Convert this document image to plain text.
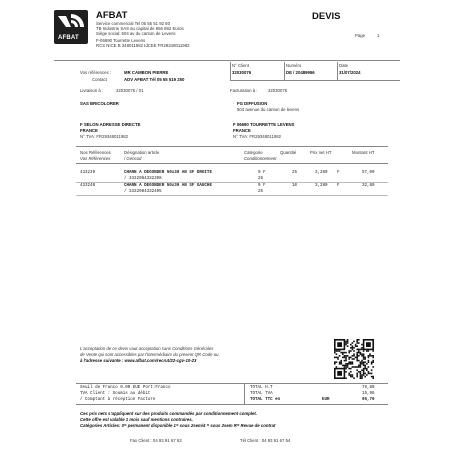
AFBAT
AFBAT
Service commercial Tel 05 55 51 92 50
TB Industrie SAS au capital de 656 892 Euros
Siège social: 504 av du canton de Levens
F-06690 Tourrette Levens
RCS NICE B 348011982 IdCEE FR29348011982
DEVIS
Page	1
Vos références :
Contact
MR CAMBON PIERRE
ADV AFBAT Tél 05 55 519 250
N° Client
32030076
Numéro
DE / 20489956
Date
31/07/2024
Livraison à :	32030076 / 01	Facturation à : 32030076
SAS BRICOLORER	FG DIFFUSION
.
504 avenue du canton de levens
F SELON ADRESSE DIRECTE
FRANCE
N° TVA: FR29348011982
F 06690 TOURRETTE LEVENS
FRANCE
N° TVA: FR29348011982
Nos Références
Vos Références
Désignation article
/ Gencod
Catégorie
Conditionnement
Quantité	Prix net HT	Montant HT
433239	CHARN A DEGONDER 50x30 AN SF DROITE
/ 3332084332398
0 F
26
25	3,280 F	57,00
433240	CHARN A DEGONDER 50x30 AN SF GAUCHE
/ 3332084332405
0 F
26
10	3,280 F	32,80
L'acceptation de ce devis vaut acceptation sans Conditions Générales
de Vente qui sont accessibles par l'intermédiaire du present QR Code ou
à l'adresse suivante : www.afbat.com/recrut/22-cgv-10-23
Seuil de Franco 0.00 EUE Port:Franco
TVA Client : Soumis au débit
/ Comptant à réception Facture
TOTAL H.T	79,80
TOTAL TVA	15,96
TOTAL TTC en	EUR	95,76
Ces prix nets s'appliquent sur des produits commandés par conditionnement complet.
Cette offre est valable 1 mois sauf mentions contraires.
Catégories Articles: 0= permanent disponible 1= sous 2sem/4 = sous 2sem R= Revue de contrat
Fax Client : 04 93 91 67 53	Tél Client : 04 93 91 67 54
